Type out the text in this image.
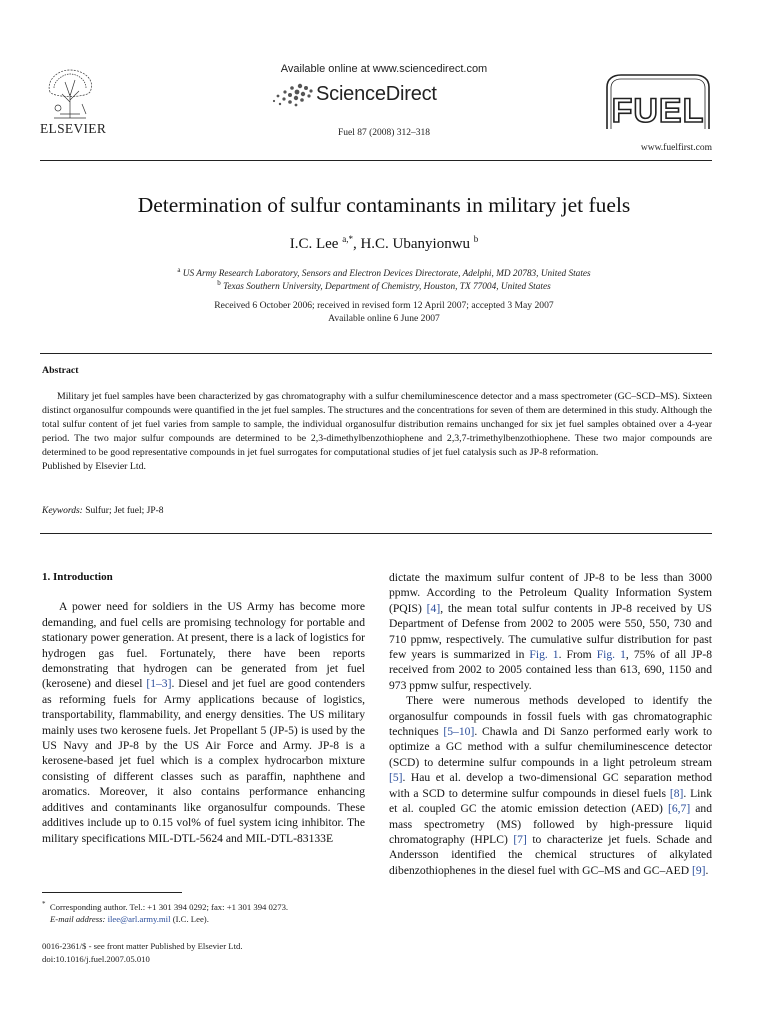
ELSEVIER
Available online at www.sciencedirect.com
ScienceDirect
Fuel 87 (2008) 312–318
FUEL
www.fuelfirst.com
Determination of sulfur contaminants in military jet fuels
I.C. Lee $^{a,*}$, H.C. Ubanyionwu $^b$
$^a$ US Army Research Laboratory, Sensors and Electron Devices Directorate, Adelphi, MD 20783, United States
$^b$ Texas Southern University, Department of Chemistry, Houston, TX 77004, United States
Received 6 October 2006; received in revised form 12 April 2007; accepted 3 May 2007
Available online 6 June 2007
Abstract

Military jet fuel samples have been characterized by gas chromatography with a sulfur chemiluminescence detector and a mass spectrometer (GC–SCD–MS). Sixteen distinct organosulfur compounds were quantified in the jet fuel samples. The structures and the concentrations for seven of them are determined in this study. Although the total sulfur content of jet fuel varies from sample to sample, the individual organosulfur distribution remains unchanged for six jet fuel samples obtained over a 4-year period. The two major sulfur compounds are determined to be 2,3-dimethylbenzothiophene and 2,3,7-trimethylbenzothiophene. These two major compounds are determined to be good representative compounds in jet fuel surrogates for computational studies of jet fuel catalysis such as JP-8 reformation.

Published by Elsevier Ltd.

Keywords: Sulfur; Jet fuel; JP-8
1. Introduction

A power need for soldiers in the US Army has become more demanding, and fuel cells are promising technology for portable and stationary power generation. At present, there is a lack of logistics for hydrogen gas fuel. Fortunately, there have been reports demonstrating that hydrogen can be generated from jet fuel (kerosene) and diesel [1–3]. Diesel and jet fuel are good contenders as reforming fuels for Army applications because of logistics, transportability, flammability, and energy densities. The US military mainly uses two kerosene fuels. Jet Propellant 5 (JP-5) is used by the US Navy and JP-8 by the US Air Force and Army. JP-8 is a kerosene-based jet fuel which is a complex hydrocarbon mixture consisting of different classes such as paraffin, naphthene and aromatics. Moreover, it also contains performance enhancing additives and contaminants like organosulfur compounds. These additives include up to 0.15 vol% of fuel system icing inhibitor. The military specifications MIL-DTL-5624 and MIL-DTL-83133E

dictate the maximum sulfur content of JP-8 to be less than 3000 ppmw. According to the Petroleum Quality Information System (PQIS) [4], the mean total sulfur contents in JP-8 received by US Department of Defense from 2002 to 2005 were 550, 550, 730 and 710 ppmw, respectively. The cumulative sulfur distribution for past few years is summarized in Fig. 1. From Fig. 1, 75% of all JP-8 received from 2002 to 2005 contained less than 613, 690, 1150 and 973 ppmw sulfur, respectively.

There were numerous methods developed to identify the organosulfur compounds in fossil fuels with gas chromatographic techniques [5–10]. Chawla and Di Sanzo performed early work to optimize a GC method with a sulfur chemiluminescence detector (SCD) to determine sulfur compounds in a light petroleum stream [5]. Hau et al. develop a two-dimensional GC separation method with a SCD to determine sulfur compounds in diesel fuels [8]. Link et al. coupled GC the atomic emission detection (AED) [6,7] and mass spectrometry (MS) followed by high-pressure liquid chromatography (HPLC) [7] to characterize jet fuels. Schade and Andersson identified the chemical structures of alkylated dibenzothiophenes in the diesel fuel with GC–MS and GC–AED [9].

* Corresponding author. Tel.: +1 301 394 0292; fax: +1 301 394 0273.
E-mail address: ilee@arl.army.mil (I.C. Lee).
0016-2361/$ - see front matter Published by Elsevier Ltd.
doi:10.1016/j.fuel.2007.05.010
